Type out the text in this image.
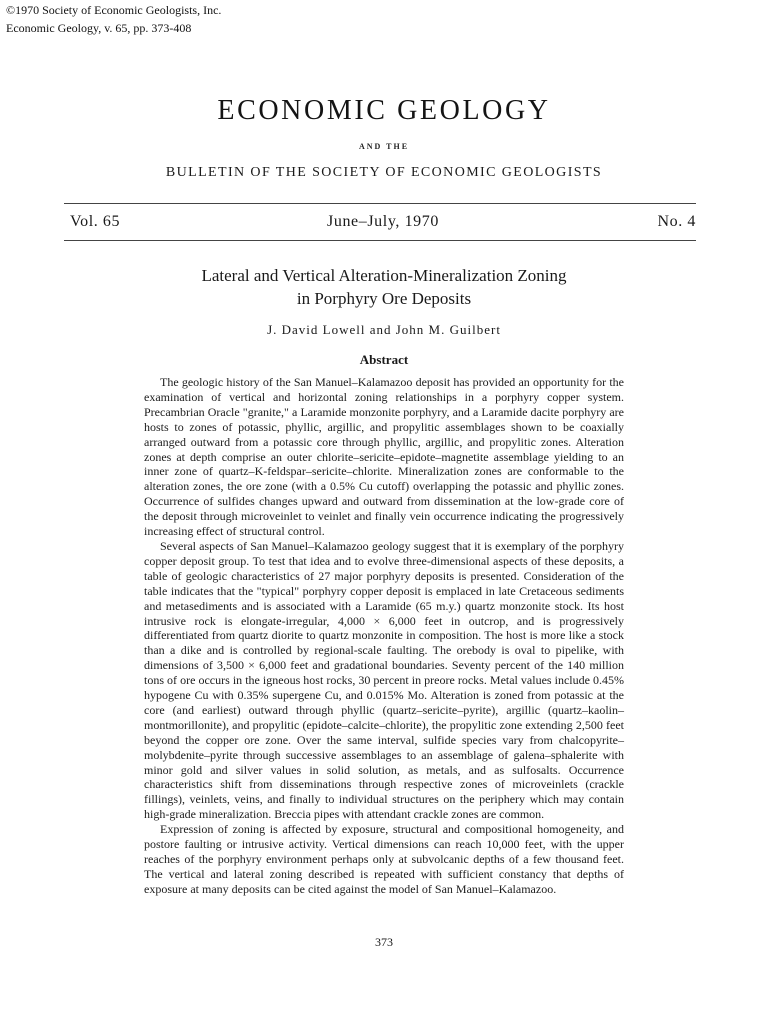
©1970 Society of Economic Geologists, Inc.
Economic Geology, v. 65, pp. 373-408
ECONOMIC GEOLOGY
AND THE
BULLETIN OF THE SOCIETY OF ECONOMIC GEOLOGISTS
Vol. 65	June–July, 1970	No. 4
Lateral and Vertical Alteration-Mineralization Zoning
in Porphyry Ore Deposits
J. David Lowell and John M. Guilbert
Abstract

The geologic history of the San Manuel–Kalamazoo deposit has provided an opportunity for the examination of vertical and horizontal zoning relationships in a porphyry copper system. Precambrian Oracle "granite," a Laramide monzonite porphyry, and a Laramide dacite porphyry are hosts to zones of potassic, phyllic, argillic, and propylitic assemblages shown to be coaxially arranged outward from a potassic core through phyllic, argillic, and propylitic zones. Alteration zones at depth comprise an outer chlorite–sericite–epidote–magnetite assemblage yielding to an inner zone of quartz–K-feldspar–sericite–chlorite. Mineralization zones are conformable to the alteration zones, the ore zone (with a 0.5% Cu cutoff) overlapping the potassic and phyllic zones. Occurrence of sulfides changes upward and outward from dissemination at the low-grade core of the deposit through microveinlet to veinlet and finally vein occurrence indicating the progressively increasing effect of structural control.

Several aspects of San Manuel–Kalamazoo geology suggest that it is exemplary of the porphyry copper deposit group. To test that idea and to evolve three-dimensional aspects of these deposits, a table of geologic characteristics of 27 major porphyry deposits is presented. Consideration of the table indicates that the "typical" porphyry copper deposit is emplaced in late Cretaceous sediments and metasediments and is associated with a Laramide (65 m.y.) quartz monzonite stock. Its host intrusive rock is elongate-irregular, 4,000 × 6,000 feet in outcrop, and is progressively differentiated from quartz diorite to quartz monzonite in composition. The host is more like a stock than a dike and is controlled by regional-scale faulting. The orebody is oval to pipelike, with dimensions of 3,500 × 6,000 feet and gradational boundaries. Seventy percent of the 140 million tons of ore occurs in the igneous host rocks, 30 percent in preore rocks. Metal values include 0.45% hypogene Cu with 0.35% supergene Cu, and 0.015% Mo. Alteration is zoned from potassic at the core (and earliest) outward through phyllic (quartz–sericite–pyrite), argillic (quartz–kaolin–montmorillonite), and propylitic (epidote–calcite–chlorite), the propylitic zone extending 2,500 feet beyond the copper ore zone. Over the same interval, sulfide species vary from chalcopyrite–molybdenite–pyrite through successive assemblages to an assemblage of galena–sphalerite with minor gold and silver values in solid solution, as metals, and as sulfosalts. Occurrence characteristics shift from disseminations through respective zones of microveinlets (crackle fillings), veinlets, veins, and finally to individual structures on the periphery which may contain high-grade mineralization. Breccia pipes with attendant crackle zones are common.

Expression of zoning is affected by exposure, structural and compositional homogeneity, and postore faulting or intrusive activity. Vertical dimensions can reach 10,000 feet, with the upper reaches of the porphyry environment perhaps only at subvolcanic depths of a few thousand feet. The vertical and lateral zoning described is repeated with sufficient constancy that depths of exposure at many deposits can be cited against the model of San Manuel–Kalamazoo.

373
